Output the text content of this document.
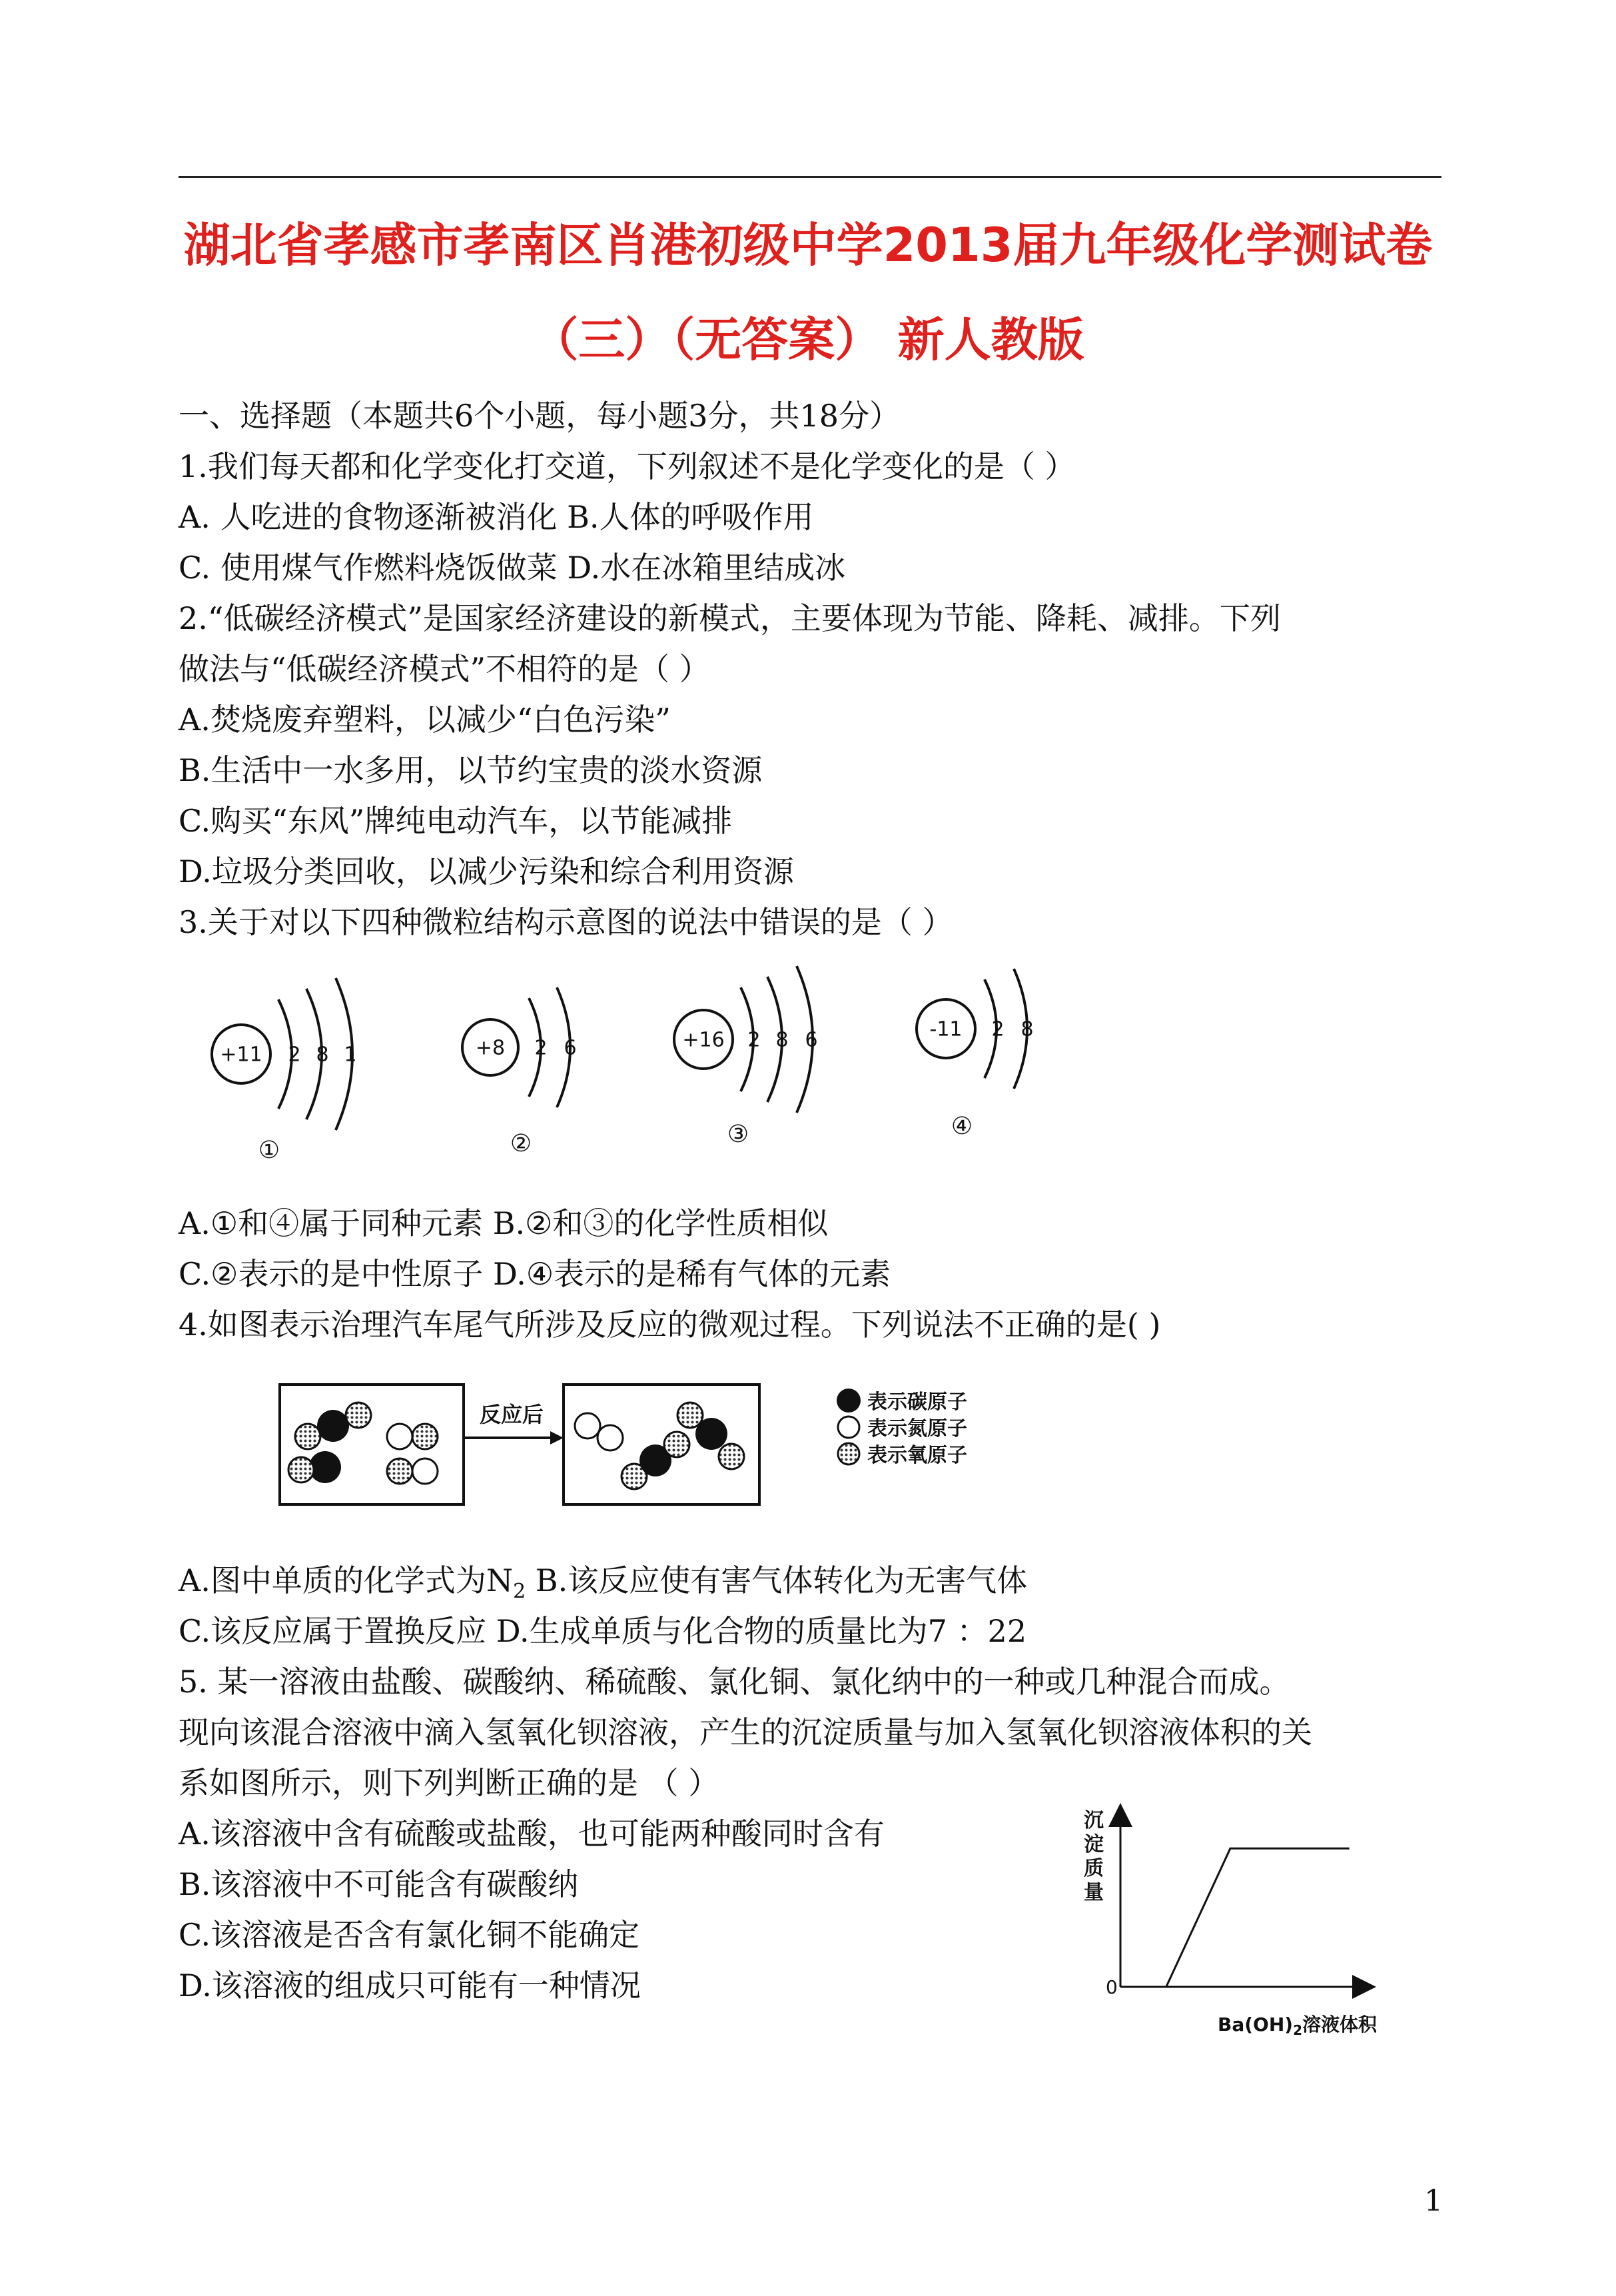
湖北省孝感市孝南区肖港初级中学2013届九年级化学测试卷
（三）（无答案） 新人教版
一、选择题（本题共6个小题，每小题3分，共18分）
1.我们每天都和化学变化打交道，下列叙述不是化学变化的是（ ）
A. 人吃进的食物逐渐被消化 B.人体的呼吸作用
C. 使用煤气作燃料烧饭做菜 D.水在冰箱里结成冰
2.“低碳经济模式”是国家经济建设的新模式，主要体现为节能、降耗、减排。下列
做法与“低碳经济模式”不相符的是（ ）
A.焚烧废弃塑料，以减少“白色污染”
B.生活中一水多用，以节约宝贵的淡水资源
C.购买“东风”牌纯电动汽车，以节能减排
D.垃圾分类回收，以减少污染和综合利用资源
3.关于对以下四种微粒结构示意图的说法中错误的是（ ）
+11 2 8 1	+8 2 6	+16 2 8 6	-11 2 8
①	②	③	④
A.①和④属于同种元素 B.②和③的化学性质相似
C.②表示的是中性原子 D.④表示的是稀有气体的元素
4.如图表示治理汽车尾气所涉及反应的微观过程。下列说法不正确的是( )
反应后	表示碳原子
表示氮原子
表示氧原子
A.图中单质的化学式为$N_2$ B.该反应使有害气体转化为无害气体
C.该反应属于置换反应 D.生成单质与化合物的质量比为7 ：22
5. 某一溶液由盐酸、碳酸纳、稀硫酸、氯化铜、氯化纳中的一种或几种混合而成。
现向该混合溶液中滴入氢氧化钡溶液，产生的沉淀质量与加入氢氧化钡溶液体积的关
系如图所示，则下列判断正确的是 （ ）
A.该溶液中含有硫酸或盐酸，也可能两种酸同时含有
B.该溶液中不可能含有碳酸纳
C.该溶液是否含有氯化铜不能确定
D.该溶液的组成只可能有一种情况
沉
淀
质
量
0
$Ba(OH)_2$溶液体积
1
